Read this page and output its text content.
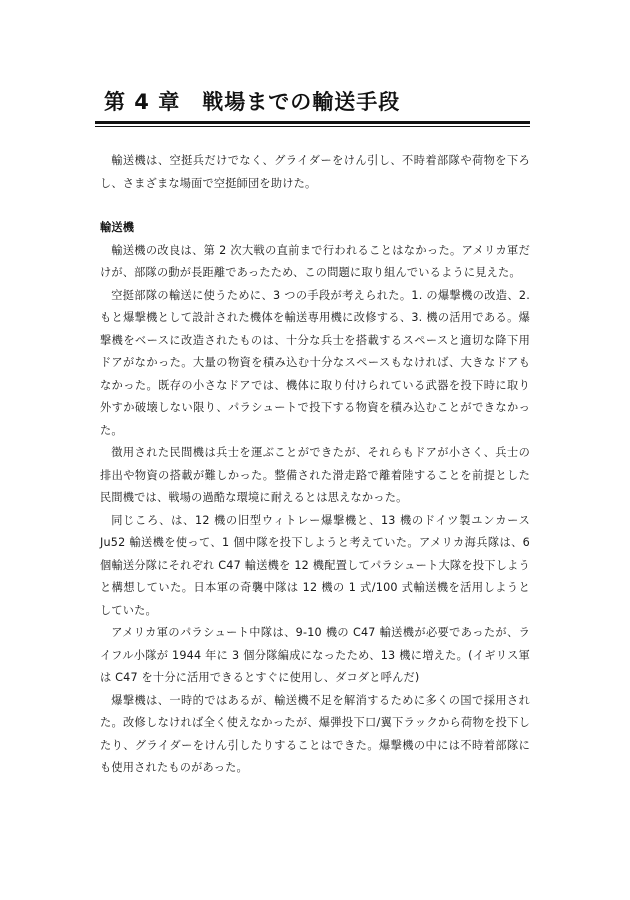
第 4 章　戦場までの輸送手段

輸送機は、空挺兵だけでなく、グライダーをけん引し、不時着部隊や荷物を下ろし、さまざまな場面で空挺師団を助けた。

輸送機

輸送機の改良は、第 2 次大戦の直前まで行われることはなかった。アメリカ軍だけが、部隊の動が長距離であったため、この問題に取り組んでいるように見えた。

空挺部隊の輸送に使うために、3 つの手段が考えられた。1. の爆撃機の改造、2. もと爆撃機として設計された機体を輸送専用機に改修する、3. 機の活用である。爆撃機をベースに改造されたものは、十分な兵士を搭載するスペースと適切な降下用ドアがなかった。大量の物資を積み込む十分なスペースもなければ、大きなドアもなかった。既存の小さなドアでは、機体に取り付けられている武器を投下時に取り外すか破壊しない限り、パラシュートで投下する物資を積み込むことができなかった。

徴用された民間機は兵士を運ぶことができたが、それらもドアが小さく、兵士の排出や物資の搭載が難しかった。整備された滑走路で離着陸することを前提とした民間機では、戦場の過酷な環境に耐えるとは思えなかった。

同じころ、は、12 機の旧型ウィトレー爆撃機と、13 機のドイツ製ユンカース Ju52 輸送機を使って、1 個中隊を投下しようと考えていた。アメリカ海兵隊は、6 個輸送分隊にそれぞれ C47 輸送機を 12 機配置してパラシュート大隊を投下しようと構想していた。日本軍の奇襲中隊は 12 機の 1 式/100 式輸送機を活用しようとしていた。

アメリカ軍のパラシュート中隊は、9-10 機の C47 輸送機が必要であったが、ライフル小隊が 1944 年に 3 個分隊編成になったため、13 機に増えた。(イギリス軍は C47 を十分に活用できるとすぐに使用し、ダコダと呼んだ)

爆撃機は、一時的ではあるが、輸送機不足を解消するために多くの国で採用された。改修しなければ全く使えなかったが、爆弾投下口/翼下ラックから荷物を投下したり、グライダーをけん引したりすることはできた。爆撃機の中には不時着部隊にも使用されたものがあった。
